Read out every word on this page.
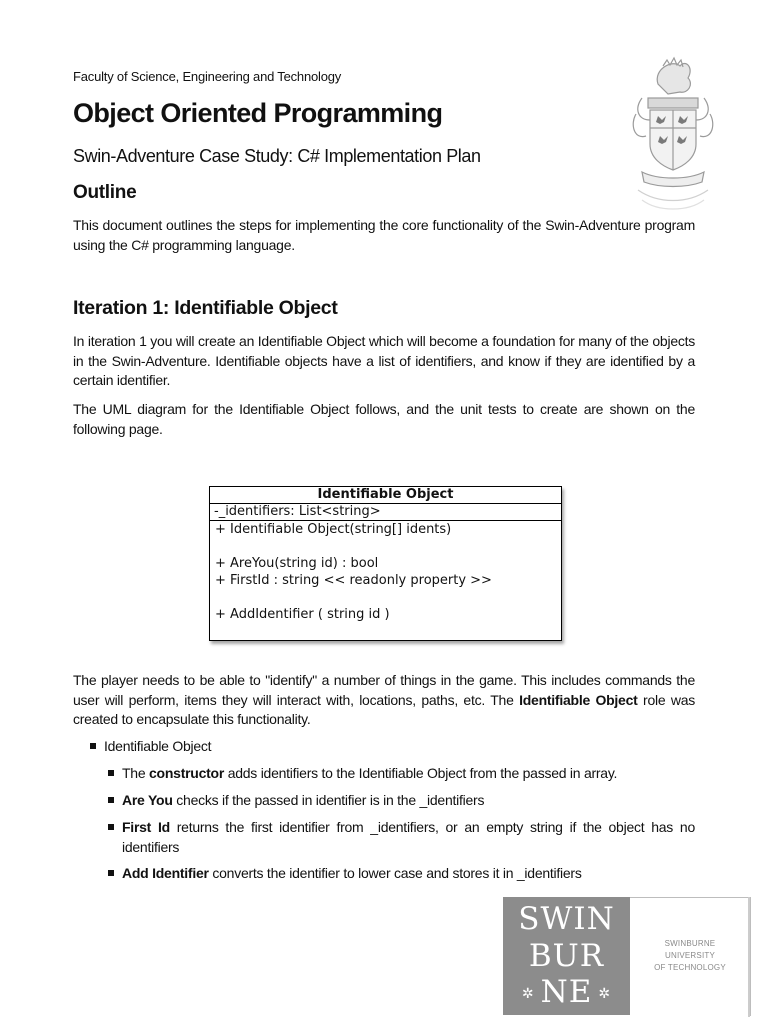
Faculty of Science, Engineering and Technology
Object Oriented Programming
Swin-Adventure Case Study: C# Implementation Plan
Outline

This document outlines the steps for implementing the core functionality of the Swin-Adventure program using the C# programming language.

Iteration 1: Identifiable Object

In iteration 1 you will create an Identifiable Object which will become a foundation for many of the objects in the Swin-Adventure. Identifiable objects have a list of identifiers, and know if they are identified by a certain identifier.

The UML diagram for the Identifiable Object follows, and the unit tests to create are shown on the following page.

Identifiable Object
-_identifiers: List<string>
+ Identifiable Object(string[] idents)
+ AreYou(string id) : bool
+ FirstId : string << readonly property >>
+ AddIdentifier ( string id )

The player needs to be able to "identify" a number of things in the game. This includes commands the user will perform, items they will interact with, locations, paths, etc. The Identifiable Object role was created to encapsulate this functionality.

Identifiable Object
The constructor adds identifiers to the Identifiable Object from the passed in array.
Are You checks if the passed in identifier is in the _identifiers
First Id returns the first identifier from _identifiers, or an empty string if the object has no identifiers
Add Identifier converts the identifier to lower case and stores it in _identifiers
SWIN
BUR
✲ NE ✲
SWINBURNE UNIVERSITY
OF TECHNOLOGY
